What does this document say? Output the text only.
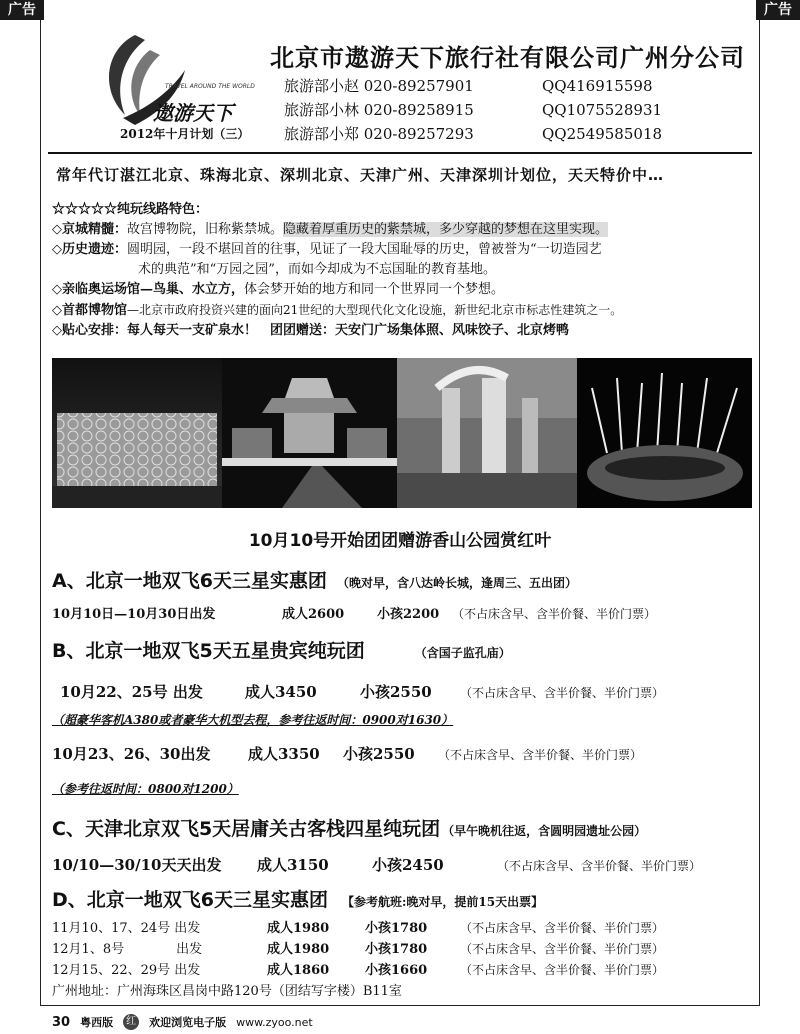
广告	广告
TRAVEL AROUND THE WORLD
遨游天下
2012年十月计划（三）
北京市遨游天下旅行社有限公司广州分公司
旅游部小赵 020-89257901	QQ416915598
旅游部小林 020-89258915	QQ1075528931
旅游部小郑 020-89257293	QQ2549585018
常年代订湛江北京、珠海北京、深圳北京、天津广州、天津深圳计划位，天天特价中…
☆☆☆☆☆纯玩线路特色：
◇京城精髓：故宫博物院，旧称紫禁城。隐藏着厚重历史的紫禁城，多少穿越的梦想在这里实现。
◇历史遗迹：圆明园，一段不堪回首的往事，见证了一段大国耻辱的历史，曾被誉为“一切造园艺
术的典范”和“万园之园”，而如今却成为不忘国耻的教育基地。
◇亲临奥运场馆—鸟巢、水立方，体会梦开始的地方和同一个世界同一个梦想。
◇首都博物馆—北京市政府投资兴建的面向21世纪的大型现代化文化设施，新世纪北京市标志性建筑之一。
◇贴心安排：每人每天一支矿泉水！　 团团赠送：天安门广场集体照、风味饺子、北京烤鸭
10月10号开始团团赠游香山公园赏红叶
A、北京一地双飞6天三星实惠团 （晚对早，含八达岭长城，逢周三、五出团）
10月10日—10月30日出发	成人2600	小孩2200 （不占床含早、含半价餐、半价门票）
B、北京一地双飞5天五星贵宾纯玩团	（含国子监孔庙）
10月22、25号 出发	成人3450	小孩2550 （不占床含早、含半价餐、半价门票）
（超豪华客机A380或者豪华大机型去程，参考往返时间：0900对1630）
10月23、26、30出发	成人3350 小孩2550 （不占床含早、含半价餐、半价门票）
（参考往返时间：0800对1200）
C、天津北京双飞5天居庸关古客栈四星纯玩团 （早午晚机往返，含圆明园遗址公园）
10/10—30/10天天出发 成人3150	小孩2450	（不占床含早、含半价餐、半价门票）
D、北京一地双飞6天三星实惠团 【参考航班:晚对早，提前15天出票】
11月10、17、24号 出发	成人1980	小孩1780	（不占床含早、含半价餐、半价门票）
12月1、8号　　　　出发	成人1980	小孩1780	（不占床含早、含半价餐、半价门票）
12月15、22、29号 出发	成人1860	小孩1660	（不占床含早、含半价餐、半价门票）
广州地址：广州海珠区昌岗中路120号（团结写字楼）B11室
30 粤西版	红 欢迎浏览电子版 www.zyoo.net
